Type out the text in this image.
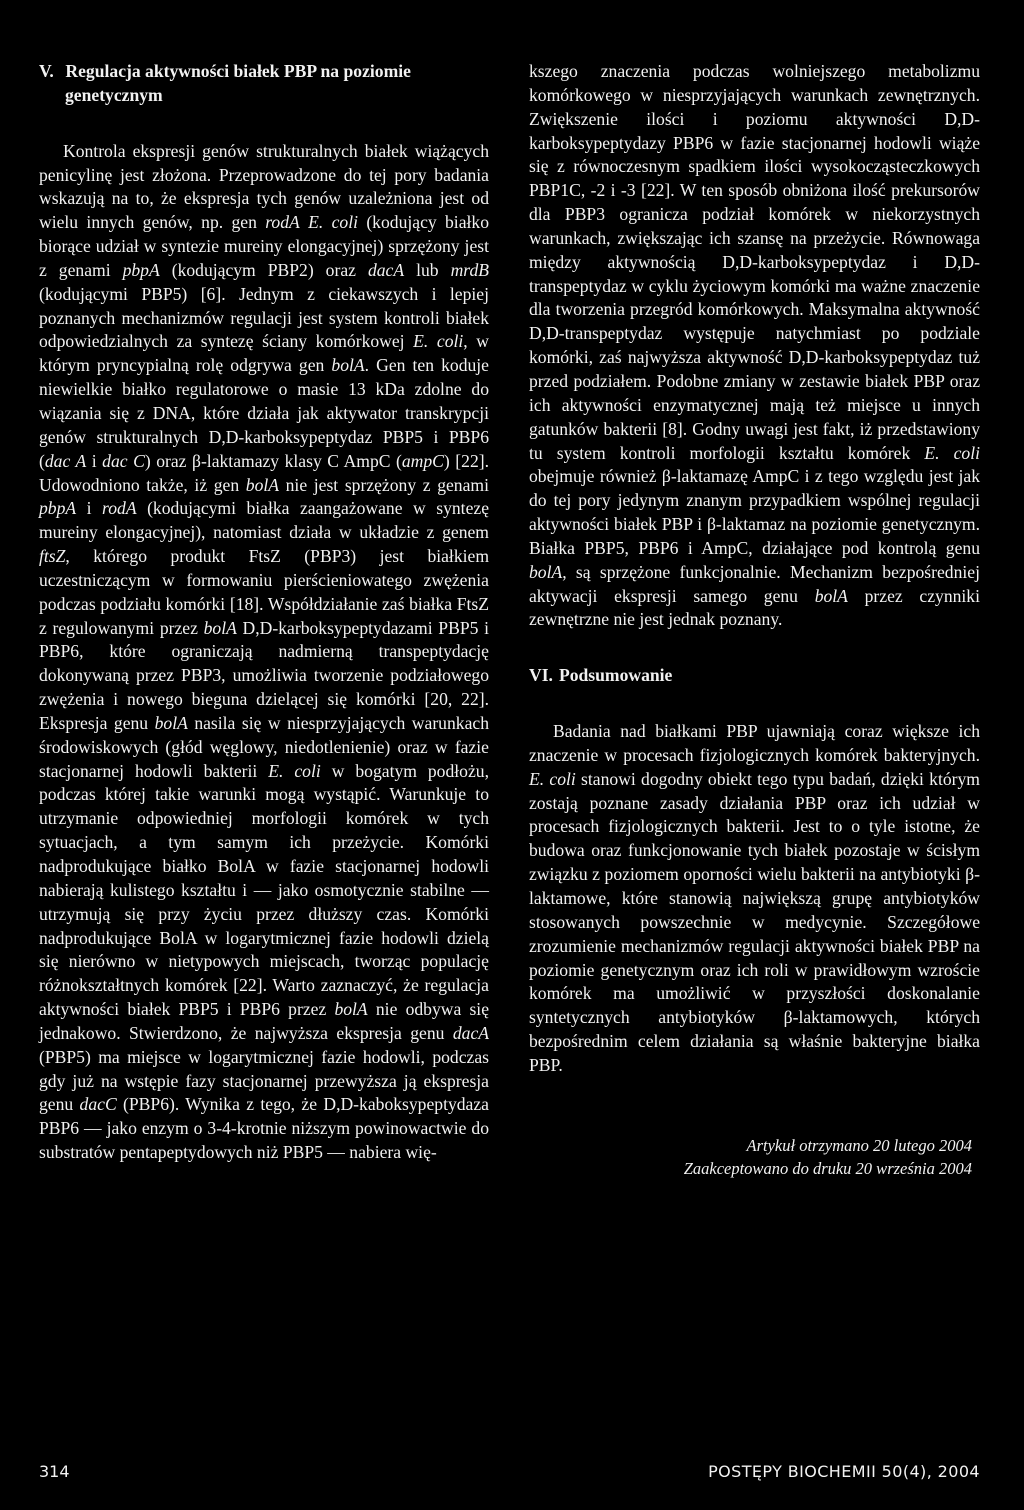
V. Regulacja aktywności białek PBP na poziomie
genetycznym

Kontrola ekspresji genów strukturalnych białek wiążących penicylinę jest złożona. Przeprowadzone do tej pory badania wskazują na to, że ekspresja tych genów uzależniona jest od wielu innych genów, np. gen rodA E. coli (kodujący białko biorące udział w syntezie mureiny elongacyjnej) sprzężony jest z genami pbpA (kodującym PBP2) oraz dacA lub mrdB (kodującymi PBP5) [6]. Jednym z ciekawszych i lepiej poznanych mechanizmów regulacji jest system kontroli białek odpowiedzialnych za syntezę ściany komórkowej E. coli, w którym pryncypialną rolę odgrywa gen bolA. Gen ten koduje niewielkie białko regulatorowe o masie 13 kDa zdolne do wiązania się z DNA, które działa jak aktywator transkrypcji genów strukturalnych D,D-karboksypeptydaz PBP5 i PBP6 (dac A i dac C) oraz β-laktamazy klasy C AmpC (ampC) [22]. Udowodniono także, iż gen bolA nie jest sprzężony z genami pbpA i rodA (kodującymi białka zaangażowane w syntezę mureiny elongacyjnej), natomiast działa w układzie z genem ftsZ, którego produkt FtsZ (PBP3) jest białkiem uczestniczącym w formowaniu pierścieniowatego zwężenia podczas podziału komórki [18]. Współdziałanie zaś białka FtsZ z regulowanymi przez bolA D,D-karboksypeptydazami PBP5 i PBP6, które ograniczają nadmierną transpeptydację dokonywaną przez PBP3, umożliwia tworzenie podziałowego zwężenia i nowego bieguna dzielącej się komórki [20, 22]. Ekspresja genu bolA nasila się w niesprzyjających warunkach środowiskowych (głód węglowy, niedotlenienie) oraz w fazie stacjonarnej hodowli bakterii E. coli w bogatym podłożu, podczas której takie warunki mogą wystąpić. Warunkuje to utrzymanie odpowiedniej morfologii komórek w tych sytuacjach, a tym samym ich przeżycie. Komórki nadprodukujące białko BolA w fazie stacjonarnej hodowli nabierają kulistego kształtu i — jako osmotycznie stabilne — utrzymują się przy życiu przez dłuższy czas. Komórki nadprodukujące BolA w logarytmicznej fazie hodowli dzielą się nierówno w nietypowych miejscach, tworząc populację różnokształtnych komórek [22]. Warto zaznaczyć, że regulacja aktywności białek PBP5 i PBP6 przez bolA nie odbywa się jednakowo. Stwierdzono, że najwyższa ekspresja genu dacA (PBP5) ma miejsce w logarytmicznej fazie hodowli, podczas gdy już na wstępie fazy stacjonarnej przewyższa ją ekspresja genu dacC (PBP6). Wynika z tego, że D,D-kaboksypeptydaza PBP6 — jako enzym o 3-4-krotnie niższym powinowactwie do substratów pentapeptydowych niż PBP5 — nabiera wię-

kszego znaczenia podczas wolniejszego metabolizmu komórkowego w niesprzyjających warunkach zewnętrznych. Zwiększenie ilości i poziomu aktywności D,D-karboksypeptydazy PBP6 w fazie stacjonarnej hodowli wiąże się z równoczesnym spadkiem ilości wysokocząsteczkowych PBP1C, -2 i -3 [22]. W ten sposób obniżona ilość prekursorów dla PBP3 ogranicza podział komórek w niekorzystnych warunkach, zwiększając ich szansę na przeżycie. Równowaga między aktywnością D,D-karboksypeptydaz i D,D-transpeptydaz w cyklu życiowym komórki ma ważne znaczenie dla tworzenia przegród komórkowych. Maksymalna aktywność D,D-transpeptydaz występuje natychmiast po podziale komórki, zaś najwyższa aktywność D,D-karboksypeptydaz tuż przed podziałem. Podobne zmiany w zestawie białek PBP oraz ich aktywności enzymatycznej mają też miejsce u innych gatunków bakterii [8]. Godny uwagi jest fakt, iż przedstawiony tu system kontroli morfologii kształtu komórek E. coli obejmuje również β-laktamazę AmpC i z tego względu jest jak do tej pory jedynym znanym przypadkiem wspólnej regulacji aktywności białek PBP i β-laktamaz na poziomie genetycznym. Białka PBP5, PBP6 i AmpC, działające pod kontrolą genu bolA, są sprzężone funkcjonalnie. Mechanizm bezpośredniej aktywacji ekspresji samego genu bolA przez czynniki zewnętrzne nie jest jednak poznany.

VI. Podsumowanie

Badania nad białkami PBP ujawniają coraz większe ich znaczenie w procesach fizjologicznych komórek bakteryjnych. E. coli stanowi dogodny obiekt tego typu badań, dzięki którym zostają poznane zasady działania PBP oraz ich udział w procesach fizjologicznych bakterii. Jest to o tyle istotne, że budowa oraz funkcjonowanie tych białek pozostaje w ścisłym związku z poziomem oporności wielu bakterii na antybiotyki β-laktamowe, które stanowią największą grupę antybiotyków stosowanych powszechnie w medycynie. Szczegółowe zrozumienie mechanizmów regulacji aktywności białek PBP na poziomie genetycznym oraz ich roli w prawidłowym wzroście komórek ma umożliwić w przyszłości doskonalanie syntetycznych antybiotyków β-laktamowych, których bezpośrednim celem działania są właśnie bakteryjne białka PBP.

Artykuł otrzymano 20 lutego 2004

Zaakceptowano do druku 20 września 2004

314	POSTĘPY BIOCHEMII 50(4), 2004
